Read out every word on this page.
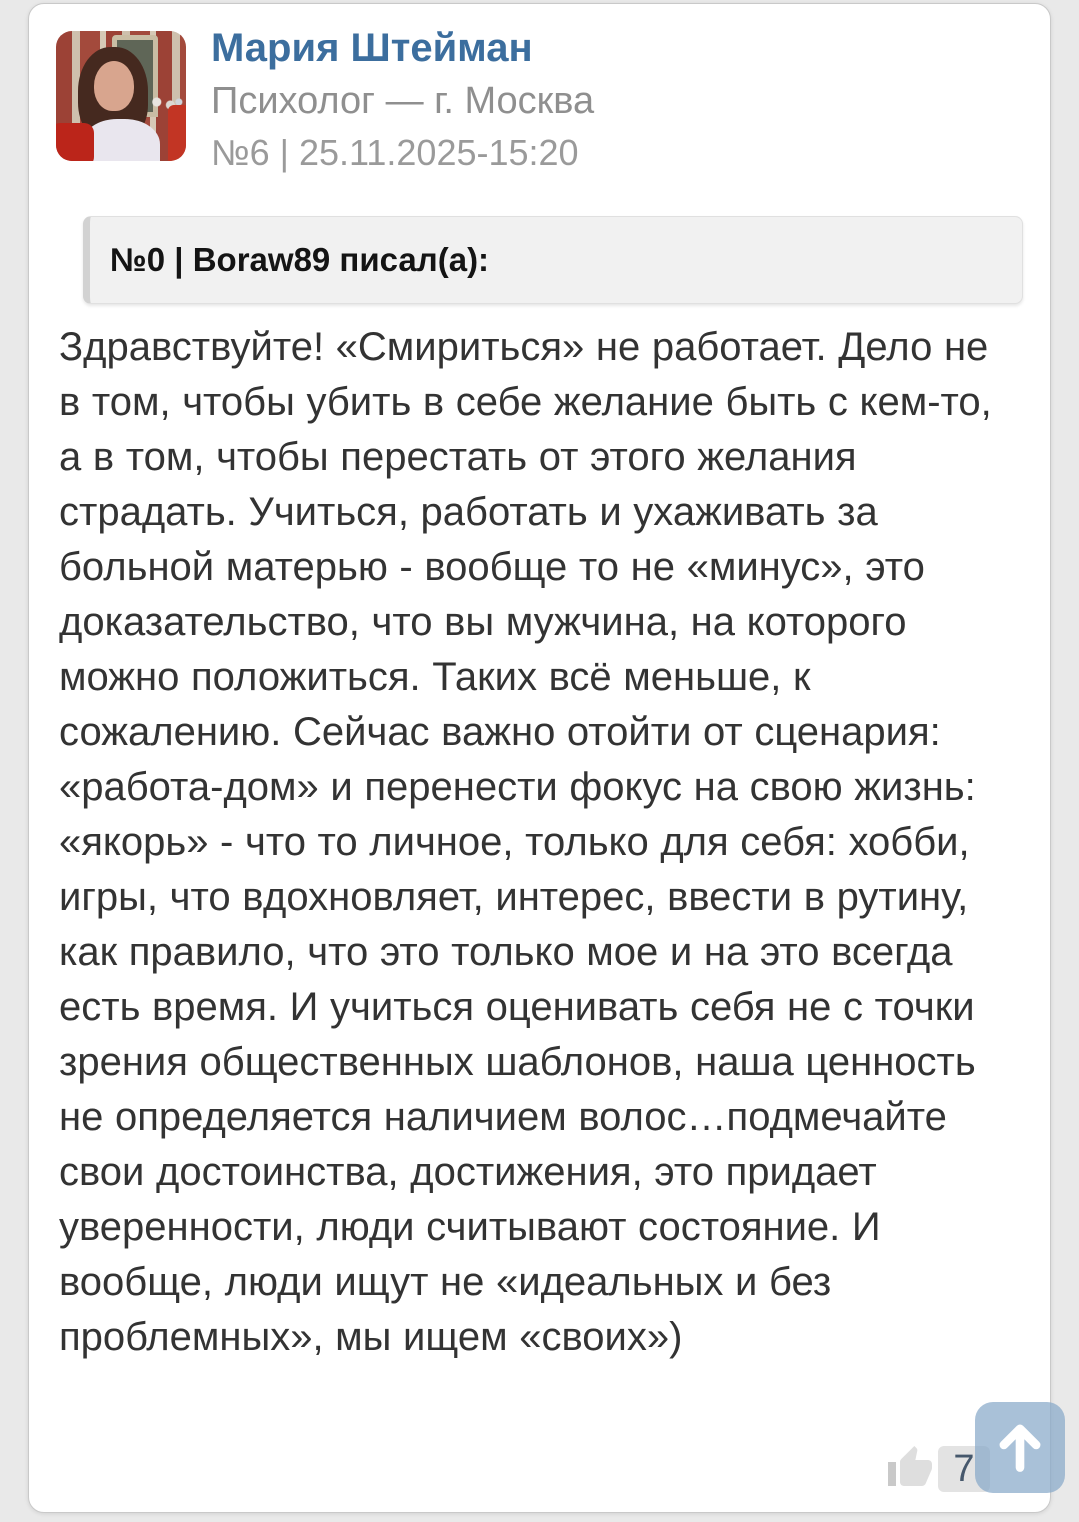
Мария Штейман
Психолог — г. Москва
№6 | 25.11.2025-15:20
№0 | Boraw89 писал(а):
Здравствуйте! «Смириться» не работает. Дело не в том, чтобы убить в себе желание быть с кем-то, а в том, чтобы перестать от этого желания страдать. Учиться, работать и ухаживать за больной матерью - вообще то не «минус», это доказательство, что вы мужчина, на которого можно положиться. Таких всё меньше, к сожалению. Сейчас важно отойти от сценария: «работа-дом» и перенести фокус на свою жизнь: «якорь» - что то личное, только для себя: хобби, игры, что вдохновляет, интерес, ввести в рутину, как правило, что это только мое и на это всегда есть время. И учиться оценивать себя не с точки зрения общественных шаблонов, наша ценность не определяется наличием волос…подмечайте свои достоинства, достижения, это придает уверенности, люди считывают состояние. И вообще, люди ищут не «идеальных и без проблемных», мы ищем «своих»)
7
